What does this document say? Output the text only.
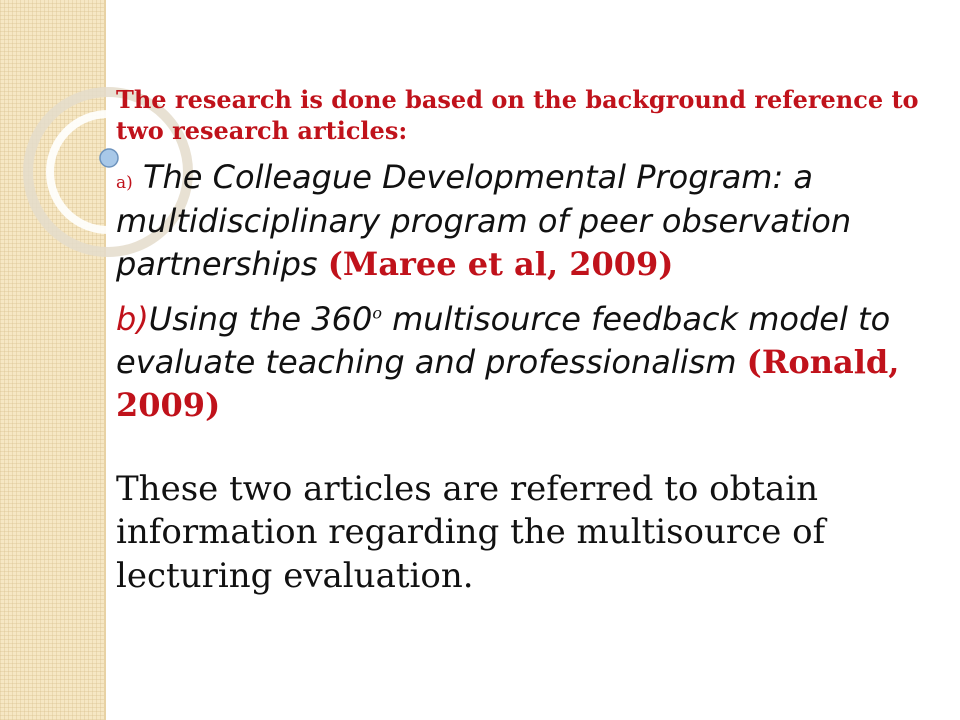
The research is done based on the background reference to two research articles:

a) The Colleague Developmental Program: a multidisciplinary program of peer observation partnerships (Maree et al, 2009)

b)Using the 360$^o$ multisource feedback model to evaluate teaching and professionalism (Ronald, 2009)

These two articles are referred to obtain information regarding the multisource of lecturing evaluation.
